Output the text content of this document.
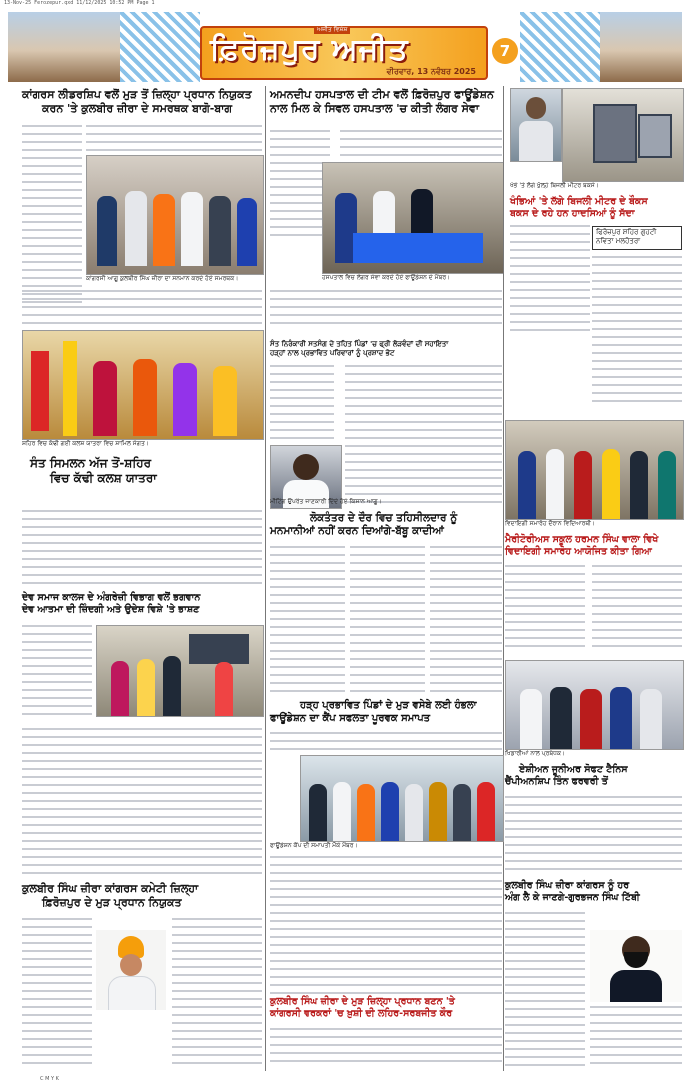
13-Nov-25 Ferozepur.qxd 11/12/2025 10:52 PM Page 1
ਅਜੀਤ ਵਿਸ਼ੇਸ਼
ਫ਼ਿਰੋਜ਼ਪੁਰ ਅਜੀਤ
ਵੀਰਵਾਰ, 13 ਨਵੰਬਰ 2025
7
ਕਾਂਗਰਸ ਲੀਡਰਸ਼ਿਪ ਵਲੋਂ ਮੁੜ ਤੋਂ ਜ਼ਿਲ੍ਹਾ ਪ੍ਰਧਾਨ ਨਿਯੁਕਤ
ਕਰਨ 'ਤੇ ਕੁਲਬੀਰ ਜ਼ੀਰਾ ਦੇ ਸਮਰਥਕ ਬਾਗੋ-ਬਾਗ
ਅਮਨਦੀਪ ਹਸਪਤਾਲ ਦੀ ਟੀਮ ਵਲੋਂ ਫ਼ਿਰੋਜ਼ਪੁਰ ਫਾਊਂਡੇਸ਼ਨ
ਨਾਲ ਮਿਲ ਕੇ ਸਿਵਲ ਹਸਪਤਾਲ 'ਚ ਕੀਤੀ ਲੰਗਰ ਸੇਵਾ
ਖੰਭੇ 'ਤੇ ਲੱਗੇ ਖੁੱਲ੍ਹੇ ਬਿਜਲੀ ਮੀਟਰ ਬਕਸੇ।
ਖੰਭਿਆਂ 'ਤੇ ਲੱਗੇ ਬਿਜਲੀ ਮੀਟਰ ਦੇ ਬੌਕਸ
ਬਕਸ ਦੇ ਰਹੇ ਹਨ ਹਾਦਸਿਆਂ ਨੂੰ ਸੱਦਾ
ਕਾਂਗਰਸੀ ਆਗੂ ਕੁਲਬੀਰ ਸਿੰਘ ਜ਼ੀਰਾ ਦਾ ਸਨਮਾਨ ਕਰਦੇ ਹੋਏ ਸਮਰਥਕ।
ਸ਼ਹਿਰ ਵਿਚ ਕੱਢੀ ਗਈ ਕਲਸ਼ ਯਾਤਰਾ ਵਿਚ ਸ਼ਾਮਿਲ ਸੰਗਤ।
ਸੰਤ ਸਿਮਲਨ ਅੱਜ ਤੋਂ-ਸ਼ਹਿਰ
ਵਿਚ ਕੱਢੀ ਕਲਸ਼ ਯਾਤਰਾ
ਦੇਵ ਸਮਾਜ ਕਾਲਜ ਦੇ ਅੰਗਰੇਜ਼ੀ ਵਿਭਾਗ ਵਲੋਂ ਭਗਵਾਨ
ਦੇਵ ਆਤਮਾ ਦੀ ਜ਼ਿੰਦਗੀ ਅਤੇ ਉਦੇਸ਼ ਵਿਸ਼ੇ 'ਤੇ ਭਾਸ਼ਣ
ਕੁਲਬੀਰ ਸਿੰਘ ਜ਼ੀਰਾ ਕਾਂਗਰਸ ਕਮੇਟੀ ਜ਼ਿਲ੍ਹਾ
ਫ਼ਿਰੋਜ਼ਪੁਰ ਦੇ ਮੁੜ ਪ੍ਰਧਾਨ ਨਿਯੁਕਤ
ਹਸਪਤਾਲ ਵਿਚ ਲੰਗਰ ਸੇਵਾ ਕਰਦੇ ਹੋਏ ਫਾਊਂਡੇਸ਼ਨ ਦੇ ਮੈਂਬਰ।
ਫਿਰੋਜ਼ਪੁਰ ਸ਼ਹਿਰ ਗੁਹਟੀ
ਨਵਿਤਾ ਮਲਹੋਤਰਾ
ਸੰਤ ਨਿਰੰਕਾਰੀ ਸਤਸੰਗ ਦੇ ਤਹਿਤ ਪਿੰਡਾਂ 'ਚ ਫ੍ਰੀ ਲੋੜਵੰਦਾਂ ਦੀ ਸਹਾਇਤਾ
ਹੜ੍ਹਾਂ ਨਾਲ ਪ੍ਰਭਾਵਿਤ ਪਰਿਵਾਰਾਂ ਨੂੰ ਪ੍ਰਸ਼ਾਦ ਭੇਟ
ਵਿਦਾਇਗੀ ਸਮਾਰੋਹ ਦੌਰਾਨ ਵਿਦਿਆਰਥੀ।
ਮੈਰੀਟੋਰੀਅਸ ਸਕੂਲ ਹਰਮਨ ਸਿੰਘ ਵਾਲਾ ਵਿਖੇ
ਵਿਦਾਇਗੀ ਸਮਾਰੋਹ ਆਯੋਜਿਤ ਕੀਤਾ ਗਿਆ
ਲੋਕਤੰਤਰ ਦੇ ਦੌਰ ਵਿਚ ਤਹਿਸੀਲਦਾਰ ਨੂੰ
ਮਨਮਾਨੀਆਂ ਨਹੀਂ ਕਰਨ ਦਿਆਂਗੇ-ਬੱਬੂ ਕਾਦੀਆਂ
ਹੜ੍ਹ ਪ੍ਰਭਾਵਿਤ ਪਿੰਡਾਂ ਦੇ ਮੁੜ ਵਸੇਬੇ ਲਈ ਹੰਭਲਾ
ਫਾਊਂਡੇਸ਼ਨ ਦਾ ਕੈਂਪ ਸਫਲਤਾ ਪੂਰਵਕ ਸਮਾਪਤ
ਫਾਊਂਡੇਸ਼ਨ ਕੈਂਪ ਦੀ ਸਮਾਪਤੀ ਮੌਕੇ ਮੈਂਬਰ।
ਕੁਲਬੀਰ ਸਿੰਘ ਜ਼ੀਰਾ ਦੇ ਮੁੜ ਜ਼ਿਲ੍ਹਾ ਪ੍ਰਧਾਨ ਬਣਨ 'ਤੇ
ਕਾਂਗਰਸੀ ਵਰਕਰਾਂ 'ਚ ਖ਼ੁਸ਼ੀ ਦੀ ਲਹਿਰ-ਸਰਬਜੀਤ ਕੌਰ
ਖਿਡਾਰੀਆਂ ਨਾਲ ਪ੍ਰਬੰਧਕ।
ਏਸ਼ੀਅਨ ਜੂਨੀਅਰ ਸੋਫਟ ਟੈਨਿਸ
ਚੈਂਪੀਅਨਸ਼ਿਪ ਤਿੰਨ ਫਰਵਰੀ ਤੋਂ
ਕੁਲਬੀਰ ਸਿੰਘ ਜ਼ੀਰਾ ਕਾਂਗਰਸ ਨੂੰ ਹਰ
ਅੰਗ ਲੈ ਕੇ ਜਾਣਗੇ-ਗੁਰਭਜਨ ਸਿੰਘ ਟਿੱਬੀ
ਮੀਟਿੰਗ ਉਪਰੰਤ ਜਾਣਕਾਰੀ ਦਿੰਦੇ ਹੋਏ ਕਿਸਾਨ ਆਗੂ।
C M Y K
